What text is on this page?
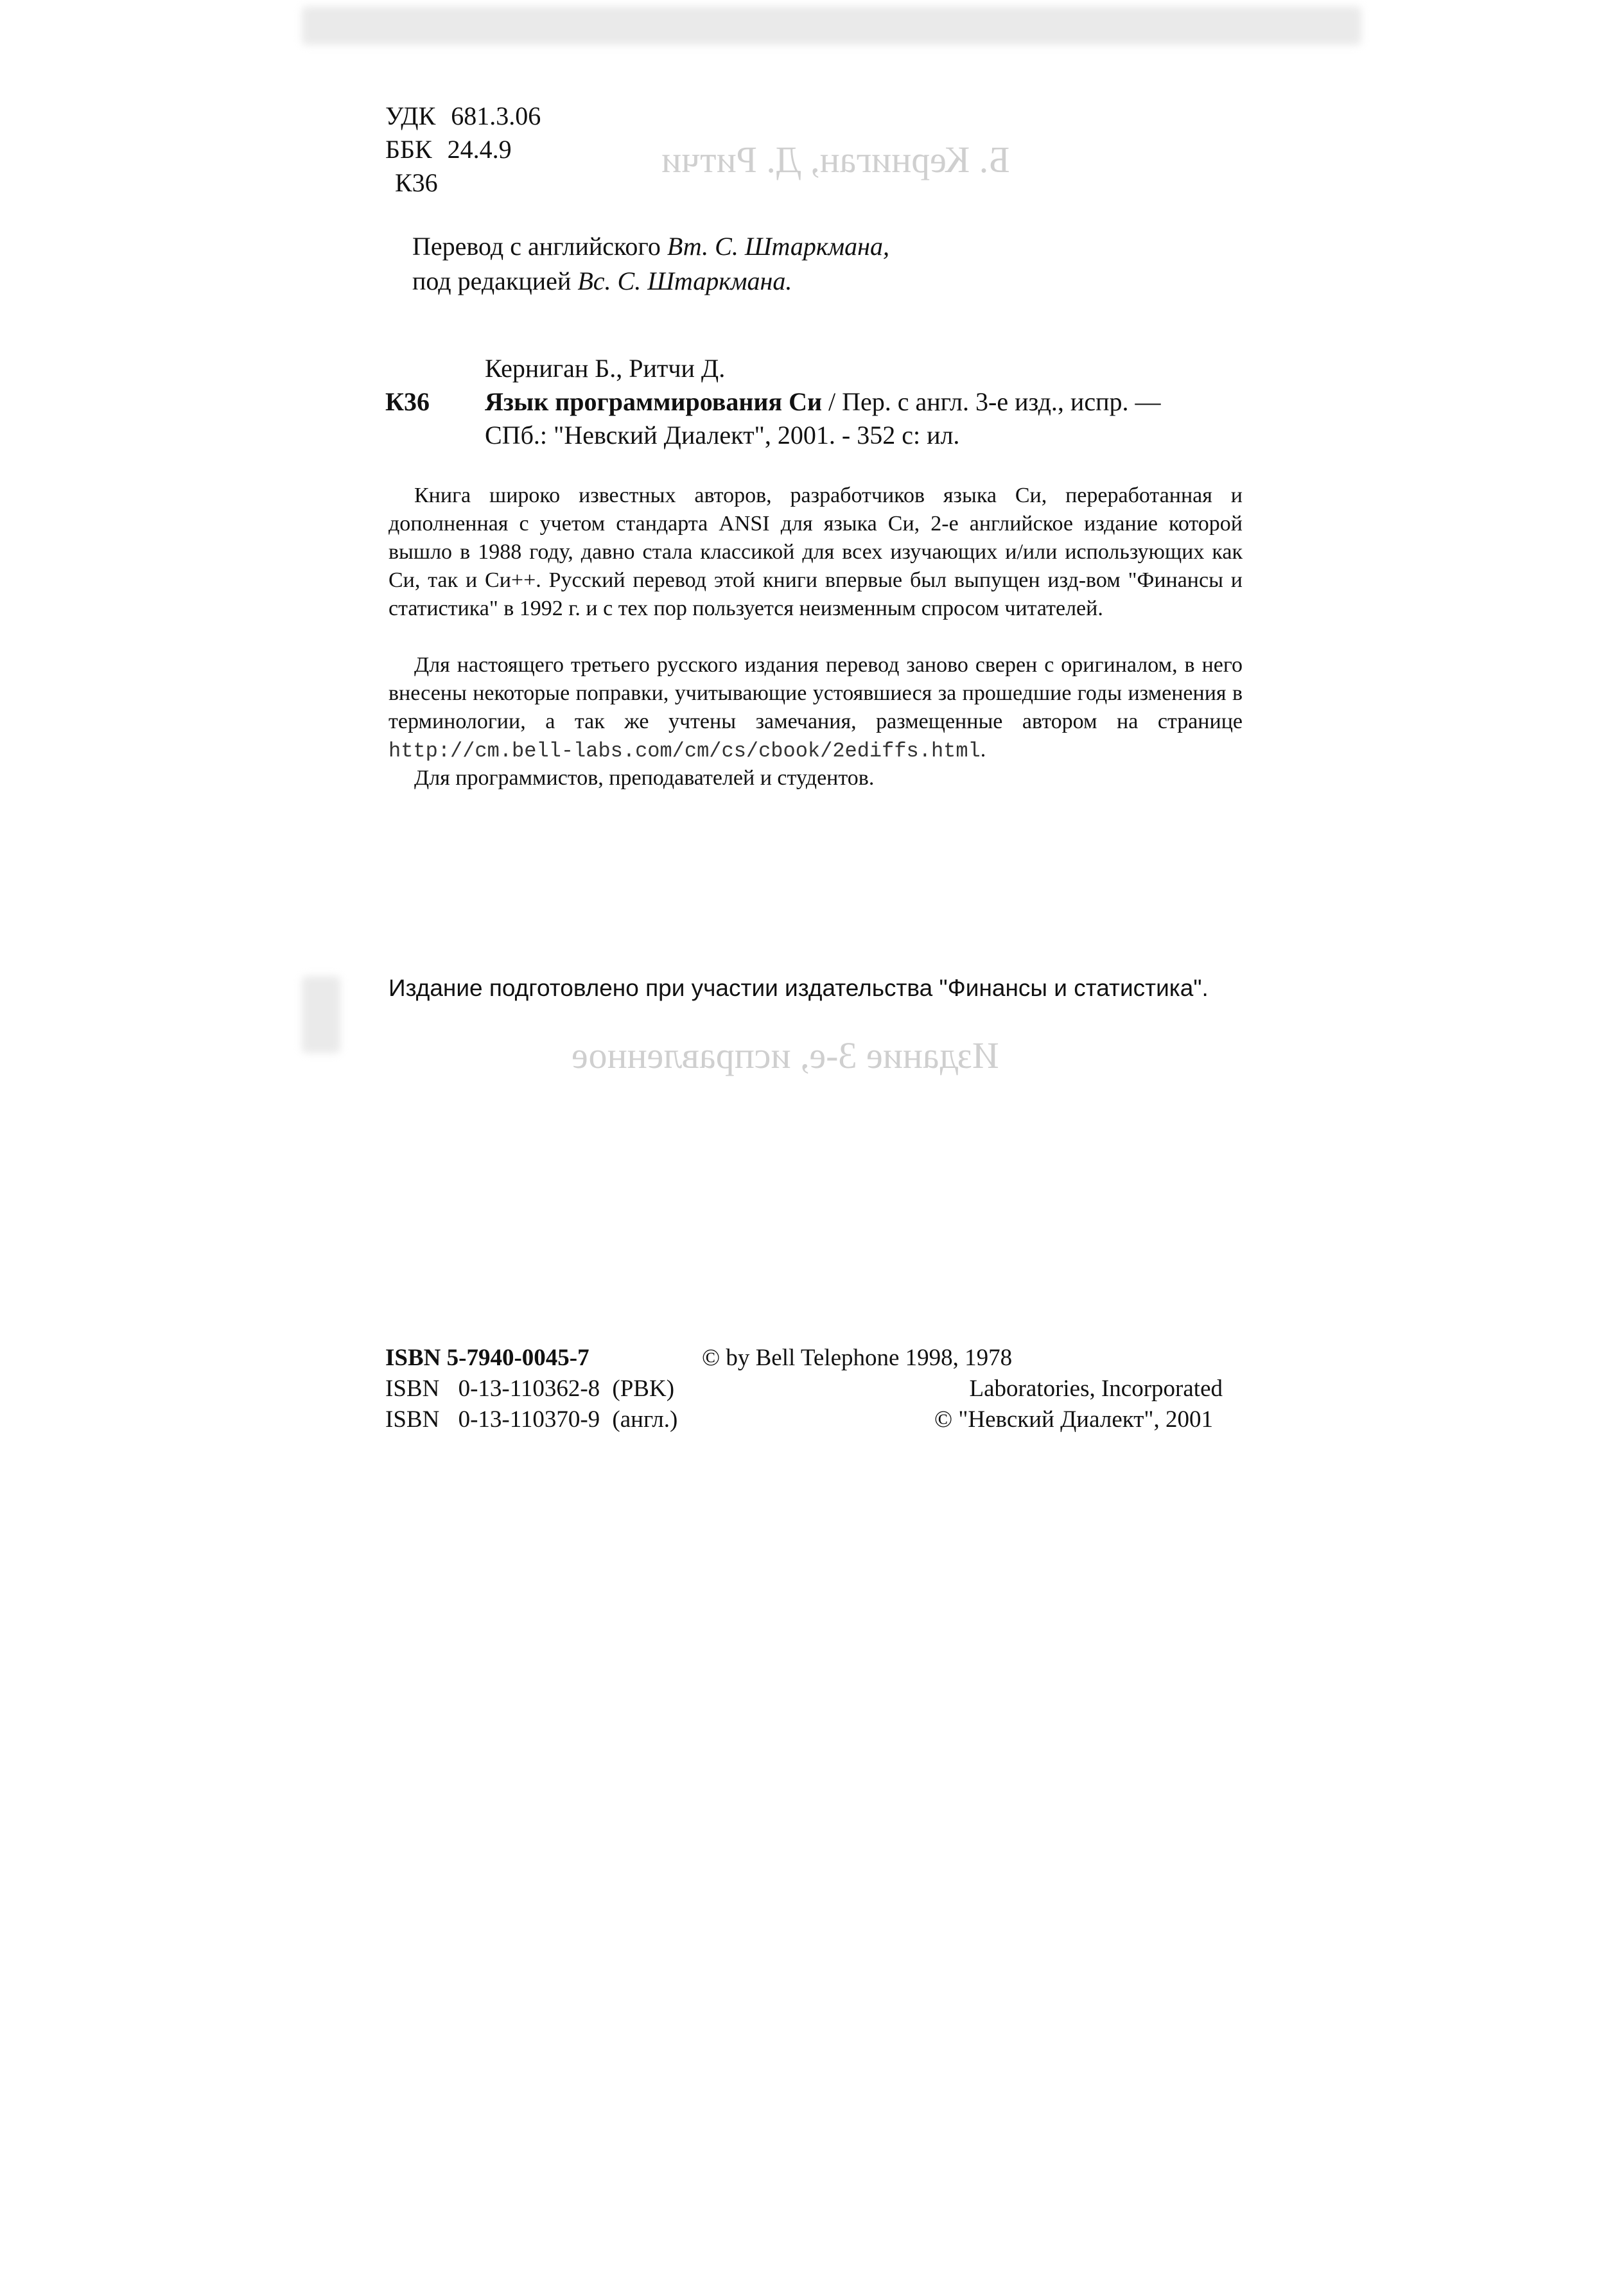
Б. Керниган, Д. Ритчи
Издание 3-е, исправленное
УДК 681.3.06
ББК 24.4.9
К36
Перевод с английского Вт. С. Штаркмана,
под редакцией Вс. С. Штаркмана.
Керниган Б., Ритчи Д.
К36 Язык программирования Си / Пер. с англ. 3-е изд., испр. —
СПб.: "Невский Диалект", 2001. - 352 с: ил.
Книга широко известных авторов, разработчиков языка Си, переработанная и дополненная с учетом стандарта ANSI для языка Си, 2-е английское издание которой вышло в 1988 году, давно стала классикой для всех изучающих и/или использующих как Си, так и Си++. Русский перевод этой книги впервые был выпущен изд-вом "Финансы и статистика" в 1992 г. и с тех пор пользуется неизменным спросом читателей.
Для настоящего третьего русского издания перевод заново сверен с оригиналом, в него внесены некоторые поправки, учитывающие устоявшиеся за прошедшие годы изменения в терминологии, а так же учтены замечания, размещенные автором на странице http://cm.bell-labs.com/cm/cs/cbook/2ediffs.html.
Для программистов, преподавателей и студентов.
Издание подготовлено при участии издательства "Финансы и статистика".
ISBN 5-7940-0045-7
ISBN 0-13-110362-8 (PBK)
ISBN 0-13-110370-9 (англ.)
© by Bell Telephone 1998, 1978
Laboratories, Incorporated
© "Невский Диалект", 2001
